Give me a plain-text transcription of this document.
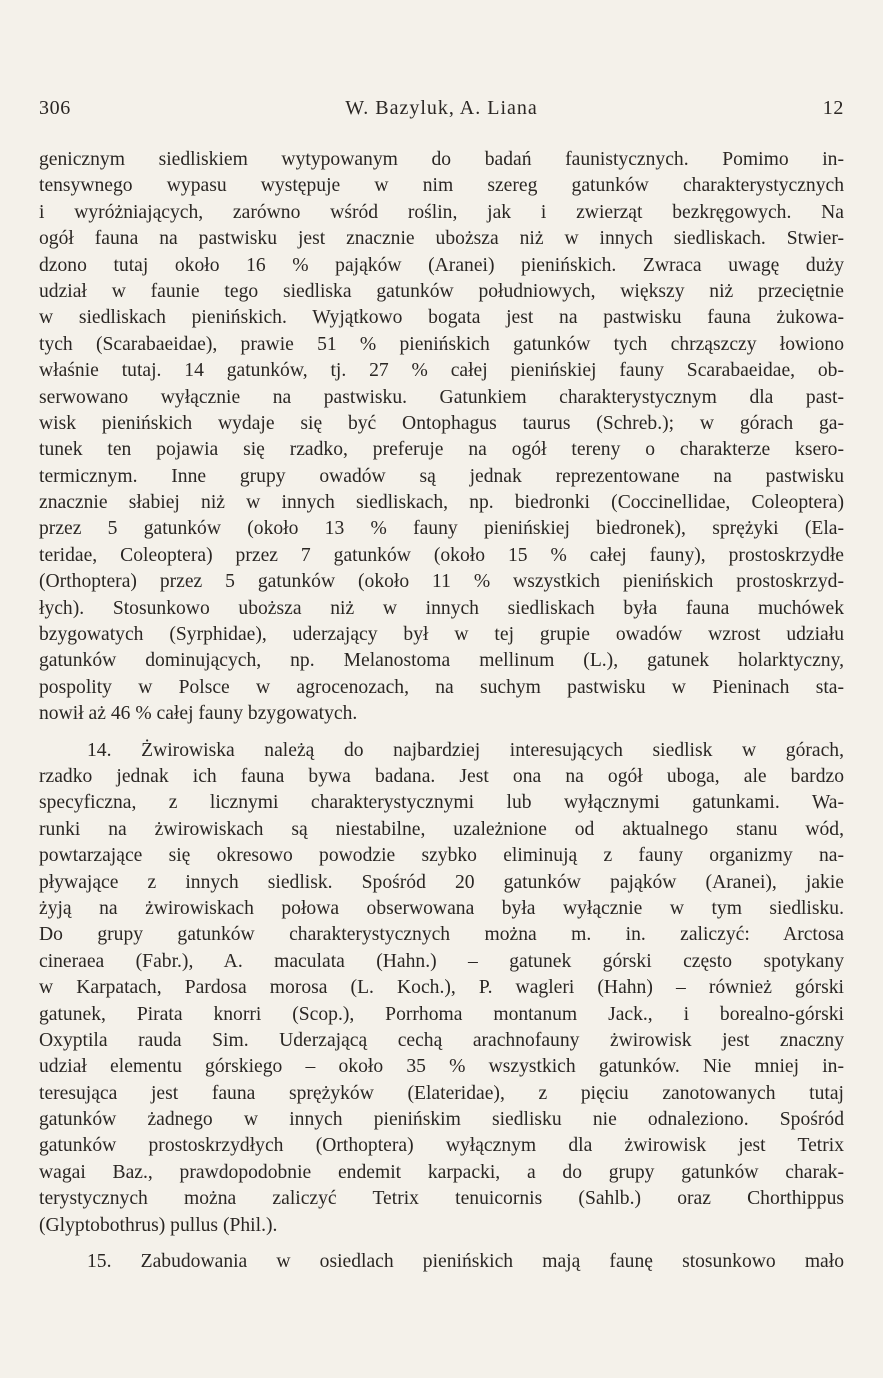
306	W. Bazyluk, A. Liana	12
genicznym siedliskiem wytypowanym do badań faunistycznych. Pomimo in-
tensywnego wypasu występuje w nim szereg gatunków charakterystycznych
i wyróżniających, zarówno wśród roślin, jak i zwierząt bezkręgowych. Na
ogół fauna na pastwisku jest znacznie uboższa niż w innych siedliskach. Stwier-
dzono tutaj około 16 % pająków (Aranei) pienińskich. Zwraca uwagę duży
udział w faunie tego siedliska gatunków południowych, większy niż przeciętnie
w siedliskach pienińskich. Wyjątkowo bogata jest na pastwisku fauna żukowa-
tych (Scarabaeidae), prawie 51 % pienińskich gatunków tych chrząszczy łowiono
właśnie tutaj. 14 gatunków, tj. 27 % całej pienińskiej fauny Scarabaeidae, ob-
serwowano wyłącznie na pastwisku. Gatunkiem charakterystycznym dla past-
wisk pienińskich wydaje się być Ontophagus taurus (Schreb.); w górach ga-
tunek ten pojawia się rzadko, preferuje na ogół tereny o charakterze ksero-
termicznym. Inne grupy owadów są jednak reprezentowane na pastwisku
znacznie słabiej niż w innych siedliskach, np. biedronki (Coccinellidae, Coleoptera)
przez 5 gatunków (około 13 % fauny pienińskiej biedronek), sprężyki (Ela-
teridae, Coleoptera) przez 7 gatunków (około 15 % całej fauny), prostoskrzydłe
(Orthoptera) przez 5 gatunków (około 11 % wszystkich pienińskich prostoskrzyd-
łych). Stosunkowo uboższa niż w innych siedliskach była fauna muchówek
bzygowatych (Syrphidae), uderzający był w tej grupie owadów wzrost udziału
gatunków dominujących, np. Melanostoma mellinum (L.), gatunek holarktyczny,
pospolity w Polsce w agrocenozach, na suchym pastwisku w Pieninach sta-
nowił aż 46 % całej fauny bzygowatych.
14. Żwirowiska należą do najbardziej interesujących siedlisk w górach,
rzadko jednak ich fauna bywa badana. Jest ona na ogół uboga, ale bardzo
specyficzna, z licznymi charakterystycznymi lub wyłącznymi gatunkami. Wa-
runki na żwirowiskach są niestabilne, uzależnione od aktualnego stanu wód,
powtarzające się okresowo powodzie szybko eliminują z fauny organizmy na-
pływające z innych siedlisk. Spośród 20 gatunków pająków (Aranei), jakie
żyją na żwirowiskach połowa obserwowana była wyłącznie w tym siedlisku.
Do grupy gatunków charakterystycznych można m. in. zaliczyć: Arctosa
cineraea (Fabr.), A. maculata (Hahn.) – gatunek górski często spotykany
w Karpatach, Pardosa morosa (L. Koch.), P. wagleri (Hahn) – również górski
gatunek, Pirata knorri (Scop.), Porrhoma montanum Jack., i borealno-górski
Oxyptila rauda Sim. Uderzającą cechą arachnofauny żwirowisk jest znaczny
udział elementu górskiego – około 35 % wszystkich gatunków. Nie mniej in-
teresująca jest fauna sprężyków (Elateridae), z pięciu zanotowanych tutaj
gatunków żadnego w innych pienińskim siedlisku nie odnaleziono. Spośród
gatunków prostoskrzydłych (Orthoptera) wyłącznym dla żwirowisk jest Tetrix
wagai Baz., prawdopodobnie endemit karpacki, a do grupy gatunków charak-
terystycznych można zaliczyć Tetrix tenuicornis (Sahlb.) oraz Chorthippus
(Glyptobothrus) pullus (Phil.).
15. Zabudowania w osiedlach pienińskich mają faunę stosunkowo mało
